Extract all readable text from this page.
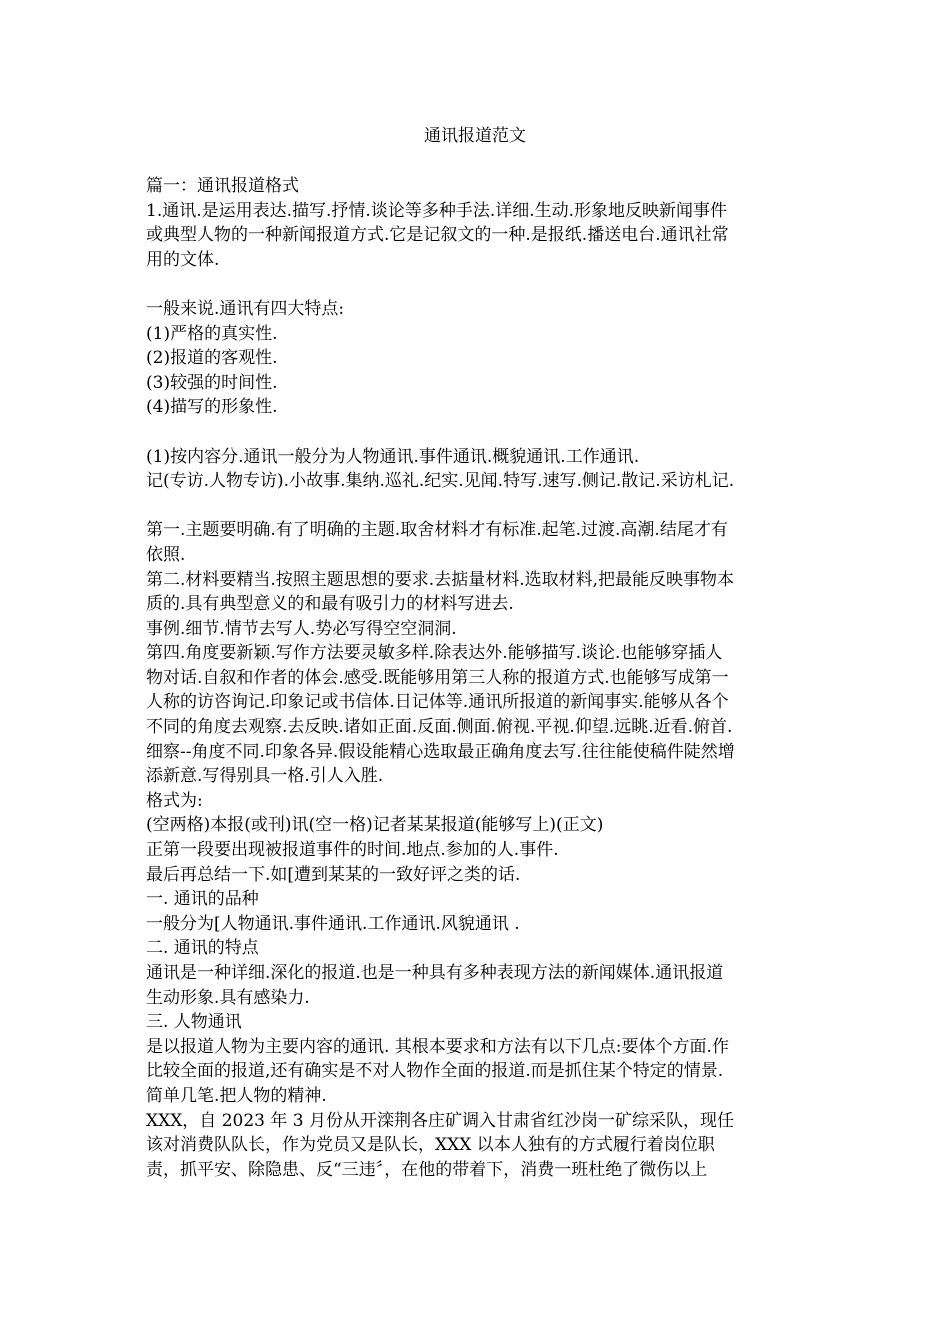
通讯报道范文
篇一：通讯报道格式
1.通讯.是运用表达.描写.抒情.谈论等多种手法.详细.生动.形象地反映新闻事件
或典型人物的一种新闻报道方式.它是记叙文的一种.是报纸.播送电台.通讯社常
用的文体.
一般来说.通讯有四大特点:
(1)严格的真实性.
(2)报道的客观性.
(3)较强的时间性.
(4)描写的形象性.
(1)按内容分.通讯一般分为人物通讯.事件通讯.概貌通讯.工作通讯.
记(专访.人物专访).小故事.集纳.巡礼.纪实.见闻.特写.速写.侧记.散记.采访札记.
第一.主题要明确.有了明确的主题.取舍材料才有标准.起笔.过渡.高潮.结尾才有
依照.
第二.材料要精当.按照主题思想的要求.去掂量材料.选取材料,把最能反映事物本
质的.具有典型意义的和最有吸引力的材料写进去.
事例.细节.情节去写人.势必写得空空洞洞.
第四.角度要新颖.写作方法要灵敏多样.除表达外.能够描写.谈论.也能够穿插人
物对话.自叙和作者的体会.感受.既能够用第三人称的报道方式.也能够写成第一
人称的访咨询记.印象记或书信体.日记体等.通讯所报道的新闻事实.能够从各个
不同的角度去观察.去反映.诸如正面.反面.侧面.俯视.平视.仰望.远眺.近看.俯首.
细察--角度不同.印象各异.假设能精心选取最正确角度去写.往往能使稿件陡然增
添新意.写得别具一格.引人入胜.
格式为:
(空两格)本报(或刊)讯(空一格)记者某某报道(能够写上)(正文)
正第一段要出现被报道事件的时间.地点.参加的人.事件.
最后再总结一下.如[遭到某某的一致好评之类的话.
一. 通讯的品种
一般分为[人物通讯.事件通讯.工作通讯.风貌通讯 .
二. 通讯的特点
通讯是一种详细.深化的报道.也是一种具有多种表现方法的新闻媒体.通讯报道
生动形象.具有感染力.
三. 人物通讯
是以报道人物为主要内容的通讯. 其根本要求和方法有以下几点:要体个方面.作
比较全面的报道,还有确实是不对人物作全面的报道.而是抓住某个特定的情景.
简单几笔.把人物的精神.
XXX，自 2023 年 3 月份从开滦荆各庄矿调入甘肃省红沙岗一矿综采队，现任
该对消费队队长，作为党员又是队长，XXX 以本人独有的方式履行着岗位职
责，抓平安、除隐患、反“三违〞，在他的带着下，消费一班杜绝了微伤以上
